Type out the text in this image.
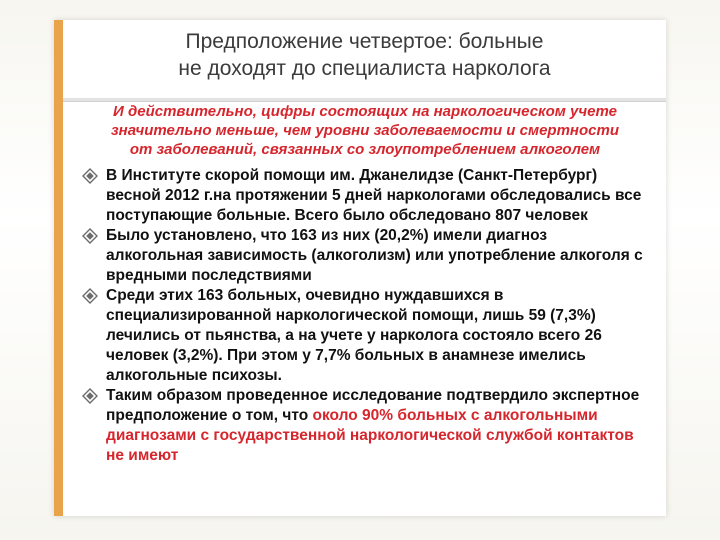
Предположение четвертое: больные
не доходят до специалиста нарколога
И действительно, цифры состоящих на наркологическом учете
значительно меньше, чем уровни заболеваемости и смертности
от заболеваний, связанных со злоупотреблением алкоголем
В Институте скорой помощи им. Джанелидзе (Санкт-Петербург) весной 2012 г.на протяжении 5 дней наркологами обследовались все поступающие больные. Всего было обследовано 807 человек
Было установлено, что 163 из них (20,2%) имели диагноз алкогольная зависимость (алкоголизм) или употребление алкоголя с вредными последствиями
Среди этих 163 больных, очевидно нуждавшихся в специализированной наркологической помощи, лишь 59 (7,3%) лечились от пьянства, а на учете у нарколога состояло всего 26 человек (3,2%). При этом у 7,7% больных в анамнезе имелись алкогольные психозы.
Таким образом проведенное исследование подтвердило экспертное предположение о том, что около 90% больных с алкогольными диагнозами с государственной наркологической службой контактов не имеют
